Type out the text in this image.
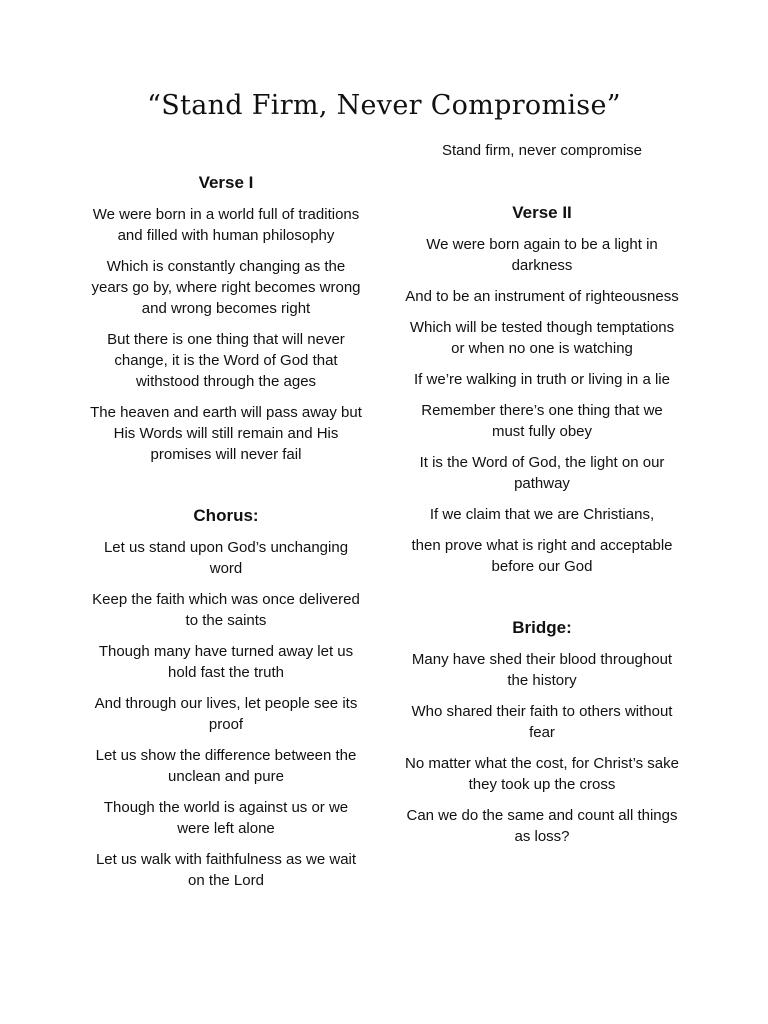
“Stand Firm, Never Compromise”
Verse I
We were born in a world full of traditions and filled with human philosophy
Which is constantly changing as the years go by, where right becomes wrong and wrong becomes right
But there is one thing that will never change, it is the Word of God that withstood through the ages
The heaven and earth will pass away but His Words will still remain and His promises will never fail
Chorus:
Let us stand upon God’s unchanging word
Keep the faith which was once delivered to the saints
Though many have turned away let us hold fast the truth
And through our lives, let people see its proof
Let us show the difference between the unclean and pure
Though the world is against us or we were left alone
Let us walk with faithfulness as we wait on the Lord
Stand firm, never compromise
Verse II
We were born again to be a light in darkness
And to be an instrument of righteousness
Which will be tested though temptations or when no one is watching
If we’re walking in truth or living in a lie
Remember there’s one thing that we must fully obey
It is the Word of God, the light on our pathway
If we claim that we are Christians,
then prove what is right and acceptable before our God
Bridge:
Many have shed their blood throughout the history
Who shared their faith to others without fear
No matter what the cost, for Christ’s sake they took up the cross
Can we do the same and count all things as loss?
